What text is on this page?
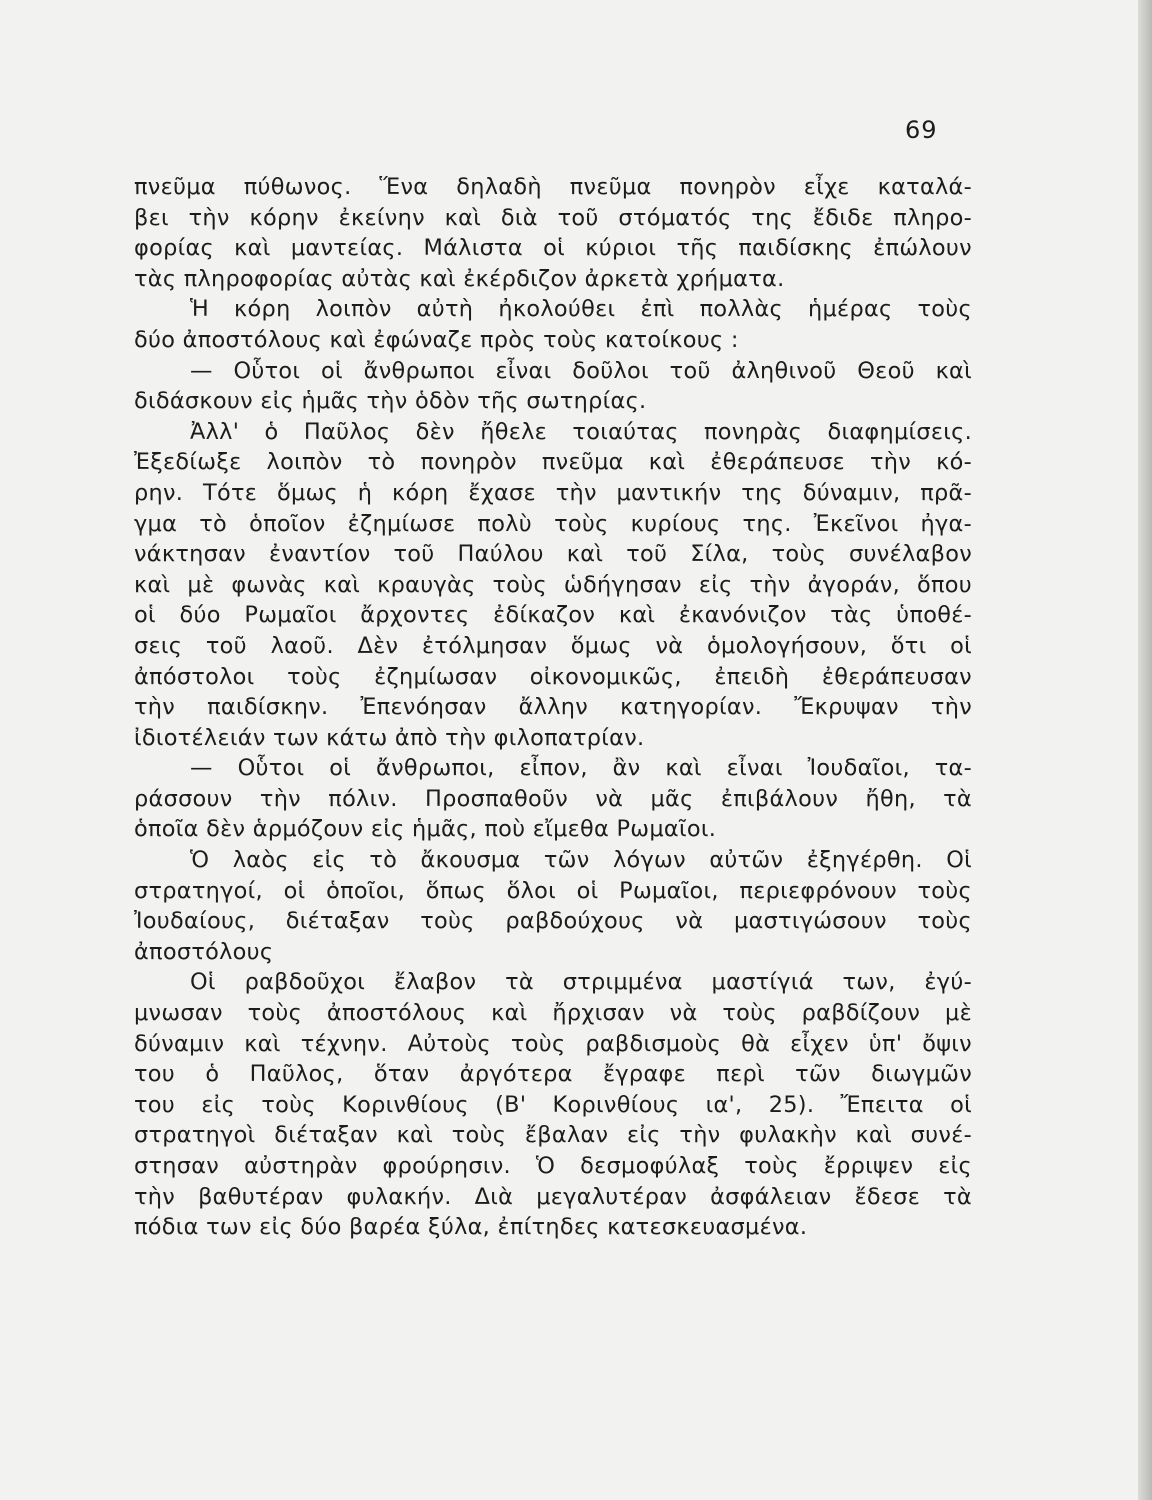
69
πνεῦμα πύθωνος. Ἕνα δηλαδὴ πνεῦμα πονηρὸν εἶχε καταλά-
βει τὴν κόρην ἐκείνην καὶ διὰ τοῦ στόματός της ἔδιδε πληρο-
φορίας καὶ μαντείας. Μάλιστα οἱ κύριοι τῆς παιδίσκης ἐπώλουν
τὰς πληροφορίας αὐτὰς καὶ ἐκέρδιζον ἀρκετὰ χρήματα.
Ἡ κόρη λοιπὸν αὐτὴ ἠκολούθει ἐπὶ πολλὰς ἡμέρας τοὺς
δύο ἀποστόλους καὶ ἐφώναζε πρὸς τοὺς κατοίκους :
— Οὗτοι οἱ ἄνθρωποι εἶναι δοῦλοι τοῦ ἀληθινοῦ Θεοῦ καὶ
διδάσκουν εἰς ἡμᾶς τὴν ὁδὸν τῆς σωτηρίας.
Ἀλλ' ὁ Παῦλος δὲν ἤθελε τοιαύτας πονηρὰς διαφημίσεις.
Ἐξεδίωξε λοιπὸν τὸ πονηρὸν πνεῦμα καὶ ἐθεράπευσε τὴν κό-
ρην. Τότε ὅμως ἡ κόρη ἔχασε τὴν μαντικήν της δύναμιν, πρᾶ-
γμα τὸ ὁποῖον ἐζημίωσε πολὺ τοὺς κυρίους της. Ἐκεῖνοι ἠγα-
νάκτησαν ἐναντίον τοῦ Παύλου καὶ τοῦ Σίλα, τοὺς συνέλαβον
καὶ μὲ φωνὰς καὶ κραυγὰς τοὺς ὡδήγησαν εἰς τὴν ἀγοράν, ὅπου
οἱ δύο Ρωμαῖοι ἄρχοντες ἐδίκαζον καὶ ἐκανόνιζον τὰς ὑποθέ-
σεις τοῦ λαοῦ. Δὲν ἐτόλμησαν ὅμως νὰ ὁμολογήσουν, ὅτι οἱ
ἀπόστολοι τοὺς ἐζημίωσαν οἰκονομικῶς, ἐπειδὴ ἐθεράπευσαν
τὴν παιδίσκην. Ἐπενόησαν ἄλλην κατηγορίαν. Ἔκρυψαν τὴν
ἰδιοτέλειάν των κάτω ἀπὸ τὴν φιλοπατρίαν.
— Οὗτοι οἱ ἄνθρωποι, εἶπον, ἂν καὶ εἶναι Ἰουδαῖοι, τα-
ράσσουν τὴν πόλιν. Προσπαθοῦν νὰ μᾶς ἐπιβάλουν ἤθη, τὰ
ὁποῖα δὲν ἁρμόζουν εἰς ἡμᾶς, ποὺ εἴμεθα Ρωμαῖοι.
Ὁ λαὸς εἰς τὸ ἄκουσμα τῶν λόγων αὐτῶν ἐξηγέρθη. Οἱ
στρατηγοί, οἱ ὁποῖοι, ὅπως ὅλοι οἱ Ρωμαῖοι, περιεφρόνουν τοὺς
Ἰουδαίους, διέταξαν τοὺς ραβδούχους νὰ μαστιγώσουν τοὺς
ἀποστόλους
Οἱ ραβδοῦχοι ἔλαβον τὰ στριμμένα μαστίγιά των, ἐγύ-
μνωσαν τοὺς ἀποστόλους καὶ ἤρχισαν νὰ τοὺς ραβδίζουν μὲ
δύναμιν καὶ τέχνην. Αὐτοὺς τοὺς ραβδισμοὺς θὰ εἶχεν ὑπ' ὄψιν
του ὁ Παῦλος, ὅταν ἀργότερα ἔγραφε περὶ τῶν διωγμῶν
του εἰς τοὺς Κορινθίους (Β' Κορινθίους ια', 25). Ἔπειτα οἱ
στρατηγοὶ διέταξαν καὶ τοὺς ἔβαλαν εἰς τὴν φυλακὴν καὶ συνέ-
στησαν αὐστηρὰν φρούρησιν. Ὁ δεσμοφύλαξ τοὺς ἔρριψεν εἰς
τὴν βαθυτέραν φυλακήν. Διὰ μεγαλυτέραν ἀσφάλειαν ἔδεσε τὰ
πόδια των εἰς δύο βαρέα ξύλα, ἐπίτηδες κατεσκευασμένα.
